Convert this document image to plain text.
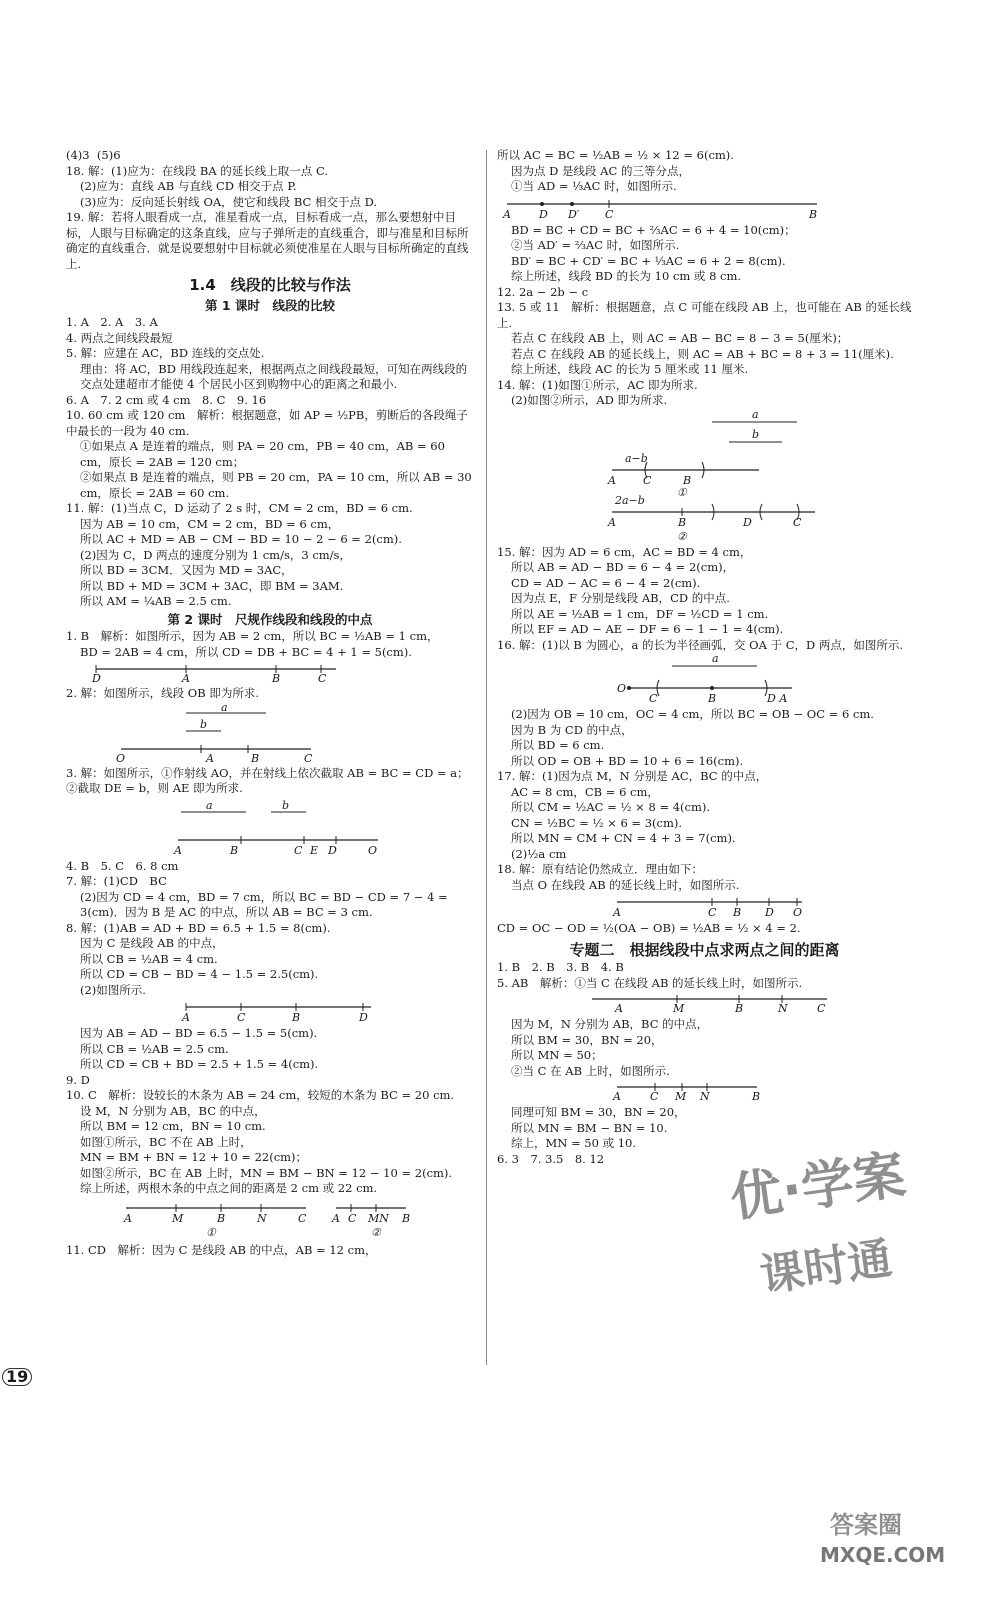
(4)3  (5)6

18. 解：(1)应为：在线段 BA 的延长线上取一点 C.

(2)应为：直线 AB 与直线 CD 相交于点 P.

(3)应为：反向延长射线 OA，使它和线段 BC 相交于点 D.

19. 解：若将人眼看成一点，准星看成一点，目标看成一点，那么要想射中目标，人眼与目标确定的这条直线，应与子弹所走的直线重合，即与准星和目标所确定的直线重合．就是说要想射中目标就必须使准星在人眼与目标所确定的直线上.

1.4　线段的比较与作法
第 1 课时　线段的比较

1. A　2. A　3. A

4. 两点之间线段最短

5. 解：应建在 AC，BD 连线的交点处.

理由：将 AC，BD 用线段连起来，根据两点之间线段最短，可知在两线段的交点处建超市才能使 4 个居民小区到购物中心的距离之和最小.

6. A　7. 2 cm 或 4 cm　8. C　9. 16

10. 60 cm 或 120 cm　解析：根据题意，如 AP = ½PB，剪断后的各段绳子中最长的一段为 40 cm.

①如果点 A 是连着的端点，则 PA = 20 cm，PB = 40 cm，AB = 60 cm，原长 = 2AB = 120 cm；

②如果点 B 是连着的端点，则 PB = 20 cm，PA = 10 cm，所以 AB = 30 cm，原长 = 2AB = 60 cm.

11. 解：(1)当点 C，D 运动了 2 s 时，CM = 2 cm，BD = 6 cm.

因为 AB = 10 cm，CM = 2 cm，BD = 6 cm，

所以 AC + MD = AB − CM − BD = 10 − 2 − 6 = 2(cm).

(2)因为 C，D 两点的速度分别为 1 cm/s，3 cm/s，

所以 BD = 3CM．又因为 MD = 3AC，

所以 BD + MD = 3CM + 3AC，即 BM = 3AM.

所以 AM = ¼AB = 2.5 cm.

第 2 课时　尺规作线段和线段的中点

1. B　解析：如图所示，因为 AB = 2 cm，所以 BC = ½AB = 1 cm，

BD = 2AB = 4 cm，所以 CD = DB + BC = 4 + 1 = 5(cm).

D	A	B	C

2. 解：如图所示，线段 OB 即为所求.

a
b
O	A	B	C

3. 解：如图所示，①作射线 AO，并在射线上依次截取 AB = BC = CD = a；②截取 DE = b，则 AE 即为所求.

a	b
A	B	C E D	O

4. B　5. C　6. 8 cm

7. 解：(1)CD　BC

(2)因为 CD = 4 cm，BD = 7 cm，所以 BC = BD − CD = 7 − 4 = 3(cm)．因为 B 是 AC 的中点，所以 AB = BC = 3 cm.

8. 解：(1)AB = AD + BD = 6.5 + 1.5 = 8(cm).

因为 C 是线段 AB 的中点，

所以 CB = ½AB = 4 cm.

所以 CD = CB − BD = 4 − 1.5 = 2.5(cm).

(2)如图所示.

A	C	B	D

因为 AB = AD − BD = 6.5 − 1.5 = 5(cm).

所以 CB = ½AB = 2.5 cm.

所以 CD = CB + BD = 2.5 + 1.5 = 4(cm).

9. D

10. C　解析：设较长的木条为 AB = 24 cm，较短的木条为 BC = 20 cm.

设 M，N 分别为 AB，BC 的中点，

所以 BM = 12 cm，BN = 10 cm.

如图①所示，BC 不在 AB 上时，

MN = BM + BN = 12 + 10 = 22(cm)；

如图②所示，BC 在 AB 上时，MN = BM − BN = 12 − 10 = 2(cm).

综上所述，两根木条的中点之间的距离是 2 cm 或 22 cm.

A	M	B	N	C
①
A C MN B
②

11. CD　解析：因为 C 是线段 AB 的中点，AB = 12 cm，

所以 AC = BC = ½AB = ½ × 12 = 6(cm).

因为点 D 是线段 AC 的三等分点，

①当 AD = ⅓AC 时，如图所示.

A	D D′ C	B

BD = BC + CD = BC + ⅔AC = 6 + 4 = 10(cm)；

②当 AD′ = ⅔AC 时，如图所示.

BD′ = BC + CD′ = BC + ⅓AC = 6 + 2 = 8(cm).

综上所述，线段 BD 的长为 10 cm 或 8 cm.

12. 2a − 2b − c

13. 5 或 11　解析：根据题意，点 C 可能在线段 AB 上，也可能在 AB 的延长线上.

若点 C 在线段 AB 上，则 AC = AB − BC = 8 − 3 = 5(厘米)；

若点 C 在线段 AB 的延长线上，则 AC = AB + BC = 8 + 3 = 11(厘米).

综上所述，线段 AC 的长为 5 厘米或 11 厘米.

14. 解：(1)如图①所示，AC 即为所求.

(2)如图②所示，AD 即为所求.

a
b
a−b
A C	B
①
2a−b
A	B	D	C
②

15. 解：因为 AD = 6 cm，AC = BD = 4 cm，

所以 AB = AD − BD = 6 − 4 = 2(cm)，

CD = AD − AC = 6 − 4 = 2(cm).

因为点 E，F 分别是线段 AB，CD 的中点.

所以 AE = ½AB = 1 cm，DF = ½CD = 1 cm.

所以 EF = AD − AE − DF = 6 − 1 − 1 = 4(cm).

16. 解：(1)以 B 为圆心，a 的长为半径画弧，交 OA 于 C，D 两点，如图所示.

a
O
C	B	D A

(2)因为 OB = 10 cm，OC = 4 cm，所以 BC = OB − OC = 6 cm.

因为 B 为 CD 的中点，

所以 BD = 6 cm.

所以 OD = OB + BD = 10 + 6 = 16(cm).

17. 解：(1)因为点 M，N 分别是 AC，BC 的中点，

AC = 8 cm，CB = 6 cm，

所以 CM = ½AC = ½ × 8 = 4(cm).

CN = ½BC = ½ × 6 = 3(cm).

所以 MN = CM + CN = 4 + 3 = 7(cm).

(2)½a cm

18. 解：原有结论仍然成立．理由如下：

当点 O 在线段 AB 的延长线上时，如图所示.

A	C B D O

CD = OC − OD = ½(OA − OB) = ½AB = ½ × 4 = 2.

专题二　根据线段中点求两点之间的距离

1. B　2. B　3. B　4. B

5. AB　解析：①当 C 在线段 AB 的延长线上时，如图所示.

A	M	B	N	C

因为 M，N 分别为 AB，BC 的中点，

所以 BM = 30，BN = 20，

所以 MN = 50；

②当 C 在 AB 上时，如图所示.

A	C M N	B

同理可知 BM = 30，BN = 20，

所以 MN = BM − BN = 10.

综上，MN = 50 或 10.

6. 3　7. 3.5　8. 12

19
优·学案
课时通
答案圈
MXQE.COM
